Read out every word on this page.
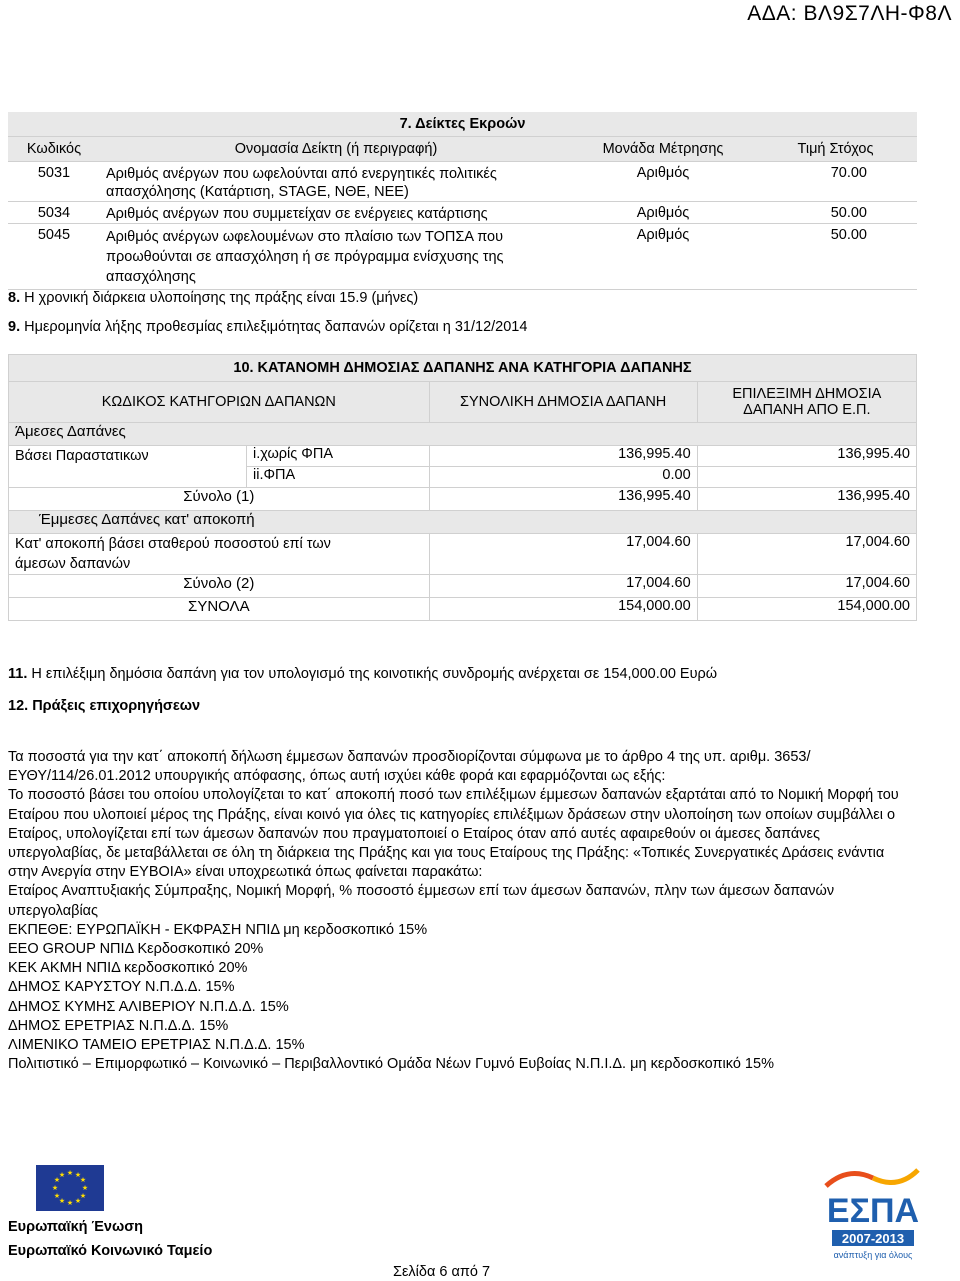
ΑΔΑ: ΒΛ9Σ7ΛΗ-Φ8Λ
7. Δείκτες Εκροών			
Κωδικός	Ονομασία Δείκτη (ή περιγραφή)	Μονάδα Μέτρησης	Τιμή Στόχος
5031	Αριθμός ανέργων που ωφελούνται από ενεργητικές πολιτικές απασχόλησης (Κατάρτιση, STAGE, ΝΘΕ, ΝΕΕ)	Αριθμός	70.00
5034	Αριθμός ανέργων που συμμετείχαν σε ενέργειες κατάρτισης	Αριθμός	50.00
5045	Αριθμός ανέργων ωφελουμένων στο πλαίσιο των ΤΟΠΣΑ που προωθούνται σε απασχόληση ή σε πρόγραμμα ενίσχυσης της απασχόλησης	Αριθμός	50.00
8. Η χρονική διάρκεια υλοποίησης της πράξης είναι 15.9 (μήνες)
9. Ημερομηνία λήξης προθεσμίας επιλεξιμότητας δαπανών ορίζεται η 31/12/2014
10. ΚΑΤΑΝΟΜΗ ΔΗΜΟΣΙΑΣ ΔΑΠΑΝΗΣ ΑΝΑ ΚΑΤΗΓΟΡΙΑ ΔΑΠΑΝΗΣ			
ΚΩΔΙΚΟΣ ΚΑΤΗΓΟΡΙΩΝ ΔΑΠΑΝΩΝ		ΣΥΝΟΛΙΚΗ ΔΗΜΟΣΙΑ ΔΑΠΑΝΗ	ΕΠΙΛΕΞΙΜΗ ΔΗΜΟΣΙΑ ΔΑΠΑΝΗ ΑΠΟ Ε.Π.
Άμεσες Δαπάνες			
Βάσει Παραστατικων	i.χωρίς ΦΠΑ	136,995.40	136,995.40
	ii.ΦΠΑ	0.00	
Σύνολο (1)		136,995.40	136,995.40
Έμμεσες Δαπάνες κατ' αποκοπή			
Κατ' αποκοπή βάσει σταθερού ποσοστού επί των άμεσων δαπανών		17,004.60	17,004.60
Σύνολο (2)		17,004.60	17,004.60
ΣΥΝΟΛΑ		154,000.00	154,000.00
11. Η επιλέξιμη δημόσια δαπάνη για τον υπολογισμό της κοινοτικής συνδρομής ανέρχεται σε 154,000.00 Ευρώ
12. Πράξεις επιχορηγήσεων
Τα ποσοστά για την κατ΄ αποκοπή δήλωση έμμεσων δαπανών προσδιορίζονται σύμφωνα με το άρθρο 4 της υπ. αριθμ. 3653/ΕΥΘΥ/114/26.01.2012 υπουργικής απόφασης, όπως αυτή ισχύει κάθε φορά και εφαρμόζονται ως εξής:
Το ποσοστό βάσει του οποίου υπολογίζεται το κατ΄ αποκοπή ποσό των επιλέξιμων έμμεσων δαπανών εξαρτάται από το Νομική Μορφή του Εταίρου που υλοποιεί μέρος της Πράξης, είναι κοινό για όλες τις κατηγορίες επιλέξιμων δράσεων στην υλοποίηση των οποίων συμβάλλει ο Εταίρος, υπολογίζεται επί των άμεσων δαπανών που πραγματοποιεί ο Εταίρος όταν από αυτές αφαιρεθούν οι άμεσες δαπάνες υπεργολαβίας, δε μεταβάλλεται σε όλη τη διάρκεια της Πράξης και για τους Εταίρους της Πράξης: «Τοπικές Συνεργατικές Δράσεις ενάντια στην Ανεργία στην ΕΥΒΟΙΑ» είναι υποχρεωτικά όπως φαίνεται παρακάτω:
Εταίρος Αναπτυξιακής Σύμπραξης, Νομική Μορφή, % ποσοστό έμμεσων επί των άμεσων δαπανών, πλην των άμεσων δαπανών υπεργολαβίας
ΕΚΠΕΘΕ: ΕΥΡΩΠΑΪΚΗ - ΕΚΦΡΑΣΗ ΝΠΙΔ μη κερδοσκοπικό 15%
EEO GROUP ΝΠΙΔ Κερδοσκοπικό 20%
ΚΕΚ ΑΚΜΗ ΝΠΙΔ κερδοσκοπικό 20%
ΔΗΜΟΣ ΚΑΡΥΣΤΟΥ Ν.Π.Δ.Δ. 15%
ΔΗΜΟΣ ΚΥΜΗΣ ΑΛΙΒΕΡΙΟΥ Ν.Π.Δ.Δ. 15%
ΔΗΜΟΣ ΕΡΕΤΡΙΑΣ Ν.Π.Δ.Δ. 15%
ΛΙΜΕΝΙΚΟ ΤΑΜΕΙΟ ΕΡΕΤΡΙΑΣ Ν.Π.Δ.Δ. 15%
Πολιτιστικό – Επιμορφωτικό – Κοινωνικό – Περιβαλλοντικό Ομάδα Νέων Γυμνό Ευβοίας Ν.Π.Ι.Δ. μη κερδοσκοπικό 15%
★ ★
★
★
★
★
★
★
★
★
★
★
Ευρωπαϊκή Ένωση
Ευρωπαϊκό Κοινωνικό Ταμείο
ΕΣΠΑ
2007-2013
ανάπτυξη για όλους
Σελίδα 6 από 7
